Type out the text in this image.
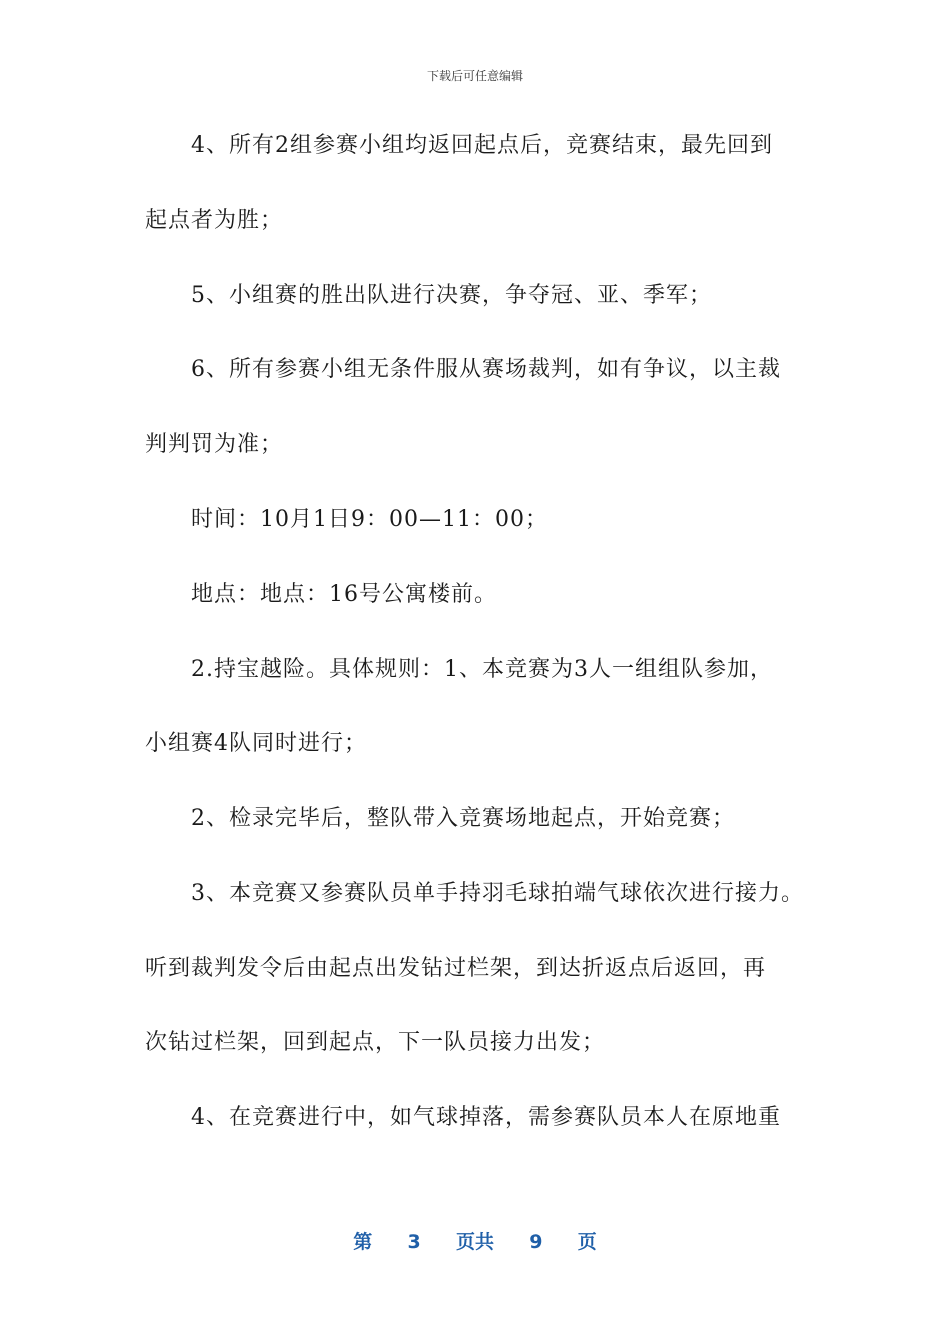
下载后可任意编辑
4、所有2组参赛小组均返回起点后，竞赛结束，最先回到
起点者为胜；
5、小组赛的胜出队进行决赛，争夺冠、亚、季军；
6、所有参赛小组无条件服从赛场裁判，如有争议，以主裁
判判罚为准；
时间：10月1日9：00—11：00；
地点：地点：16号公寓楼前。
2.持宝越险。具体规则：1、本竞赛为3人一组组队参加，
小组赛4队同时进行；
2、检录完毕后，整队带入竞赛场地起点，开始竞赛；
3、本竞赛又参赛队员单手持羽毛球拍端气球依次进行接力。
听到裁判发令后由起点出发钻过栏架，到达折返点后返回，再
次钻过栏架，回到起点，下一队员接力出发；
4、在竞赛进行中，如气球掉落，需参赛队员本人在原地重
第 3 页共 9 页
